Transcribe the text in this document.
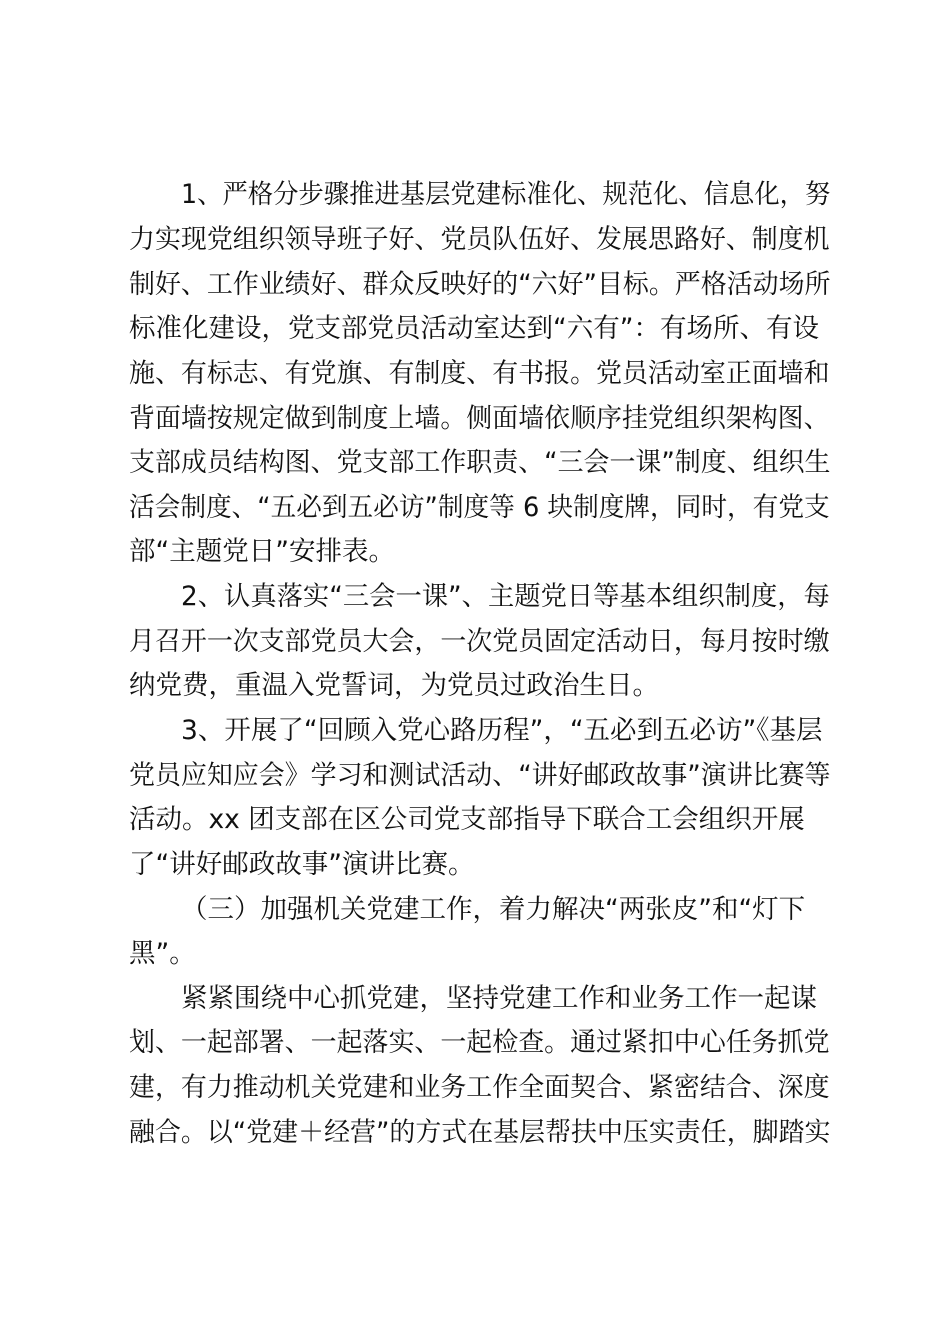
1、严格分步骤推进基层党建标准化、规范化、信息化，努
力实现党组织领导班子好、党员队伍好、发展思路好、制度机
制好、工作业绩好、群众反映好的“六好”目标。严格活动场所
标准化建设，党支部党员活动室达到“六有”：有场所、有设
施、有标志、有党旗、有制度、有书报。党员活动室正面墙和
背面墙按规定做到制度上墙。侧面墙依顺序挂党组织架构图、
支部成员结构图、党支部工作职责、“三会一课”制度、组织生
活会制度、“五必到五必访”制度等 6 块制度牌，同时，有党支
部“主题党日”安排表。
2、认真落实“三会一课”、主题党日等基本组织制度，每
月召开一次支部党员大会，一次党员固定活动日，每月按时缴
纳党费，重温入党誓词，为党员过政治生日。
3、开展了“回顾入党心路历程”，“五必到五必访”《基层
党员应知应会》学习和测试活动、“讲好邮政故事”演讲比赛等
活动。xx 团支部在区公司党支部指导下联合工会组织开展
了“讲好邮政故事”演讲比赛。
（三）加强机关党建工作，着力解决“两张皮”和“灯下
黑”。
紧紧围绕中心抓党建，坚持党建工作和业务工作一起谋
划、一起部署、一起落实、一起检查。通过紧扣中心任务抓党
建，有力推动机关党建和业务工作全面契合、紧密结合、深度
融合。以“党建＋经营”的方式在基层帮扶中压实责任，脚踏实
